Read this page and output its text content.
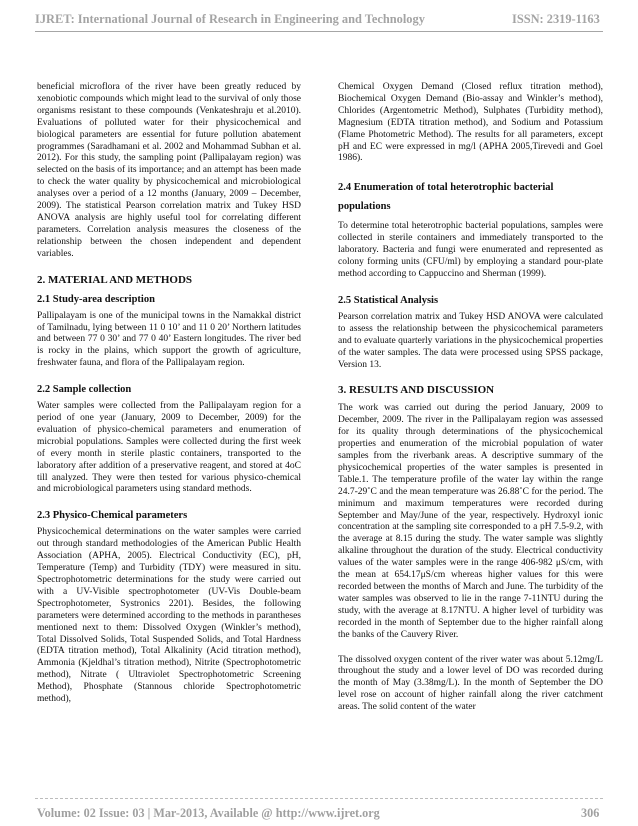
IJRET: International Journal of Research in Engineering and Technology	ISSN: 2319-1163

beneficial microflora of the river have been greatly reduced by xenobiotic compounds which might lead to the survival of only those organisms resistant to these compounds (Venkateshraju et al.2010). Evaluations of polluted water for their physicochemical and biological parameters are essential for future pollution abatement programmes (Saradhamani et al. 2002 and Mohammad Subhan et al. 2012). For this study, the sampling point (Pallipalayam region) was selected on the basis of its importance; and an attempt has been made to check the water quality by physicochemical and microbiological analyses over a period of a 12 months (January, 2009 – December, 2009). The statistical Pearson correlation matrix and Tukey HSD ANOVA analysis are highly useful tool for correlating different parameters. Correlation analysis measures the closeness of the relationship between the chosen independent and dependent variables.

2. MATERIAL AND METHODS
2.1 Study-area description

Pallipalayam is one of the municipal towns in the Namakkal district of Tamilnadu, lying between 11 0 10’ and 11 0 20’ Northern latitudes and between 77 0 30’ and 77 0 40’ Eastern longitudes. The river bed is rocky in the plains, which support the growth of agriculture, freshwater fauna, and flora of the Pallipalayam region.

2.2 Sample collection

Water samples were collected from the Pallipalayam region for a period of one year (January, 2009 to December, 2009) for the evaluation of physico-chemical parameters and enumeration of microbial populations. Samples were collected during the first week of every month in sterile plastic containers, transported to the laboratory after addition of a preservative reagent, and stored at 4oC till analyzed. They were then tested for various physico-chemical and microbiological parameters using standard methods.

2.3 Physico-Chemical parameters

Physicochemical determinations on the water samples were carried out through standard methodologies of the American Public Health Association (APHA, 2005). Electrical Conductivity (EC), pH, Temperature (Temp) and Turbidity (TDY) were measured in situ. Spectrophotometric determinations for the study were carried out with a UV-Visible spectrophotometer (UV-Vis Double-beam Spectrophotometer, Systronics 2201). Besides, the following parameters were determined according to the methods in parantheses mentioned next to them: Dissolved Oxygen (Winkler’s method), Total Dissolved Solids, Total Suspended Solids, and Total Hardness (EDTA titration method), Total Alkalinity (Acid titration method), Ammonia (Kjeldhal’s titration method), Nitrite (Spectrophotometric method), Nitrate ( Ultraviolet Spectrophotometric Screening Method), Phosphate (Stannous chloride Spectrophotometric method),

Chemical Oxygen Demand (Closed reflux titration method), Biochemical Oxygen Demand (Bio-assay and Winkler’s method), Chlorides (Argentometric Method), Sulphates (Turbidity method), Magnesium (EDTA titration method), and Sodium and Potassium (Flame Photometric Method). The results for all parameters, except pH and EC were expressed in mg/l (APHA 2005,Tirevedi and Goel 1986).

2.4 Enumeration of total heterotrophic bacterial populations

To determine total heterotrophic bacterial populations, samples were collected in sterile containers and immediately transported to the laboratory. Bacteria and fungi were enumerated and represented as colony forming units (CFU/ml) by employing a standard pour-plate method according to Cappuccino and Sherman (1999).

2.5 Statistical Analysis

Pearson correlation matrix and Tukey HSD ANOVA were calculated to assess the relationship between the physicochemical parameters and to evaluate quarterly variations in the physicochemical properties of the water samples. The data were processed using SPSS package, Version 13.

3. RESULTS AND DISCUSSION

The work was carried out during the period January, 2009 to December, 2009. The river in the Pallipalayam region was assessed for its quality through determinations of the physicochemical properties and enumeration of the microbial population of water samples from the riverbank areas. A descriptive summary of the physicochemical properties of the water samples is presented in Table.1. The temperature profile of the water lay within the range 24.7-29˚C and the mean temperature was 26.88˚C for the period. The minimum and maximum temperatures were recorded during September and May/June of the year, respectively. Hydroxyl ionic concentration at the sampling site corresponded to a pH 7.5-9.2, with the average at 8.15 during the study. The water sample was slightly alkaline throughout the duration of the study. Electrical conductivity values of the water samples were in the range 406-982 μS/cm, with the mean at 654.17μS/cm whereas higher values for this were recorded between the months of March and June. The turbidity of the water samples was observed to lie in the range 7-11NTU during the study, with the average at 8.17NTU. A higher level of turbidity was recorded in the month of September due to the higher rainfall along the banks of the Cauvery River.

The dissolved oxygen content of the river water was about 5.12mg/L throughout the study and a lower level of DO was recorded during the month of May (3.38mg/L). In the month of September the DO level rose on account of higher rainfall along the river catchment areas. The solid content of the water

Volume: 02 Issue: 03 | Mar-2013, Available @ http://www.ijret.org	306
